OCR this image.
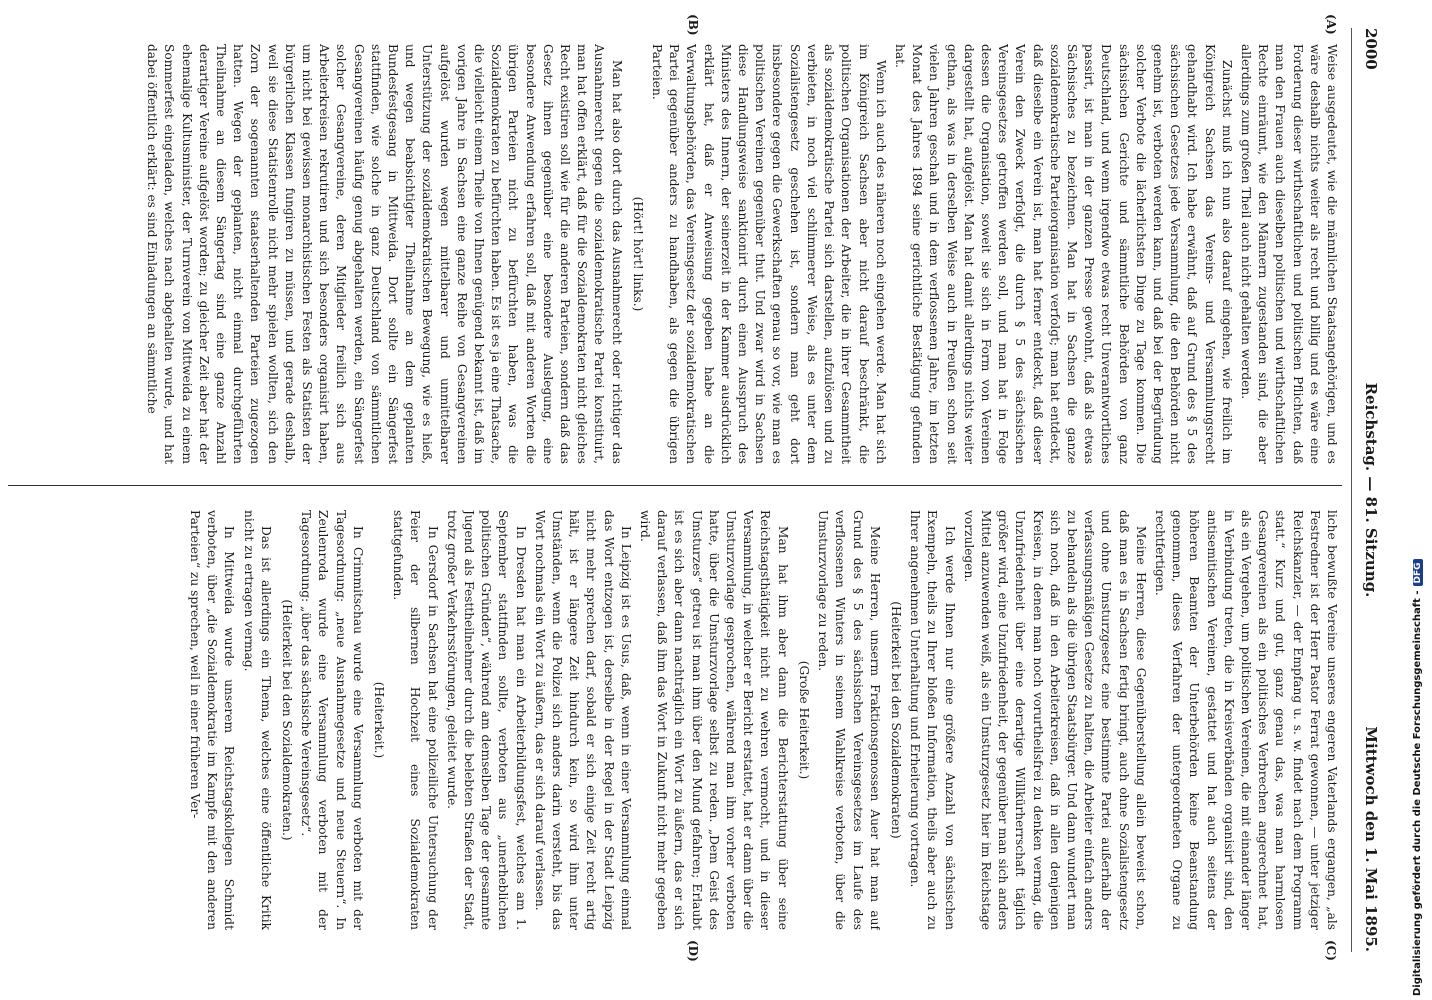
2000
Reichstag. — 81. Sitzung.
Mittwoch den 1. Mai 1895.
(A)
(B)
(C)
(D)

Weise ausgedeutet, wie die männlichen Staatsangehörigen, und es wäre deshalb nichts weiter als recht und billig und es wäre eine Forderung dieser wirthschaftlichen und politischen Pflichten, daß man den Frauen auch dieselben politischen und wirthschaftlichen Rechte einräumt, wie den Männern zugestanden sind, die aber allerdings zum großen Theil auch nicht gehalten werden.

Zunächst muß ich nun also darauf eingehen, wie freilich im Königreich Sachsen das Vereins- und Versammlungsrecht gehandhabt wird. Ich habe erwähnt, daß auf Grund des § 5 des sächsischen Gesetzes jede Versammlung, die den Behörden nicht genehm ist, verboten werden kann, und daß bei der Begründung solcher Verbote die lächerlichsten Dinge zu Tage kommen. Die sächsischen Gerichte und sämmtliche Behörden von ganz Deutschland, und wenn irgendwo etwas recht Unverantwortliches passirt, ist man in der ganzen Presse gewohnt, daß als etwas Sächsisches zu bezeichnen. Man hat in Sachsen die ganze sozialdemokratische Parteiorganisation verfolgt; man hat entdeckt, daß dieselbe ein Verein ist, man hat ferner entdeckt, daß dieser Verein den Zweck verfolgt, die durch § 5 des sächsischen Vereinsgesetzes getroffen werden soll, und man hat in Folge dessen die Organisation, soweit sie sich in Form von Vereinen dargestellt hat, aufgelöst. Man hat damit allerdings nichts weiter gethan, als was in derselben Weise auch in Preußen schon seit vielen Jahren geschah und in dem verflossenen Jahre, im letzten Monat des Jahres 1894 seine gerichtliche Bestätigung gefunden hat.

Wenn ich auch des näheren noch eingehen werde. Man hat sich im Königreich Sachsen aber nicht darauf beschränkt, die politischen Organisationen der Arbeiter, die in ihrer Gesammtheit als sozialdemokratische Partei sich darstellen, aufzulösen und zu verbieten, in noch viel schlimmerer Weise, als es unter dem Sozialistengesetz geschehen ist, sondern man geht dort insbesondere gegen die Gewerkschaften genau so vor, wie man es politischen Vereinen gegenüber thut. Und zwar wird in Sachsen diese Handlungsweise sanktionirt durch einen Ausspruch des Ministers des Innern, der seinerzeit in der Kammer ausdrücklich erklärt hat, daß er Anweisung gegeben habe an die Verwaltungsbehörden, das Vereinsgesetz der sozialdemokratischen Partei gegenüber anders zu handhaben, als gegen die übrigen Parteien.

(Hört! hört! links.)

Man hat also dort durch das Ausnahmerecht oder richtiger das Ausnahmerecht gegen die sozialdemokratische Partei konstituirt, man hat offen erklärt, daß für die Sozialdemokraten nicht gleiches Recht existiren soll wie für die anderen Parteien, sondern daß das Gesetz ihnen gegenüber eine besondere Auslegung, eine besondere Anwendung erfahren soll, daß mit anderen Worten die übrigen Parteien nicht zu befürchten haben, was die Sozialdemokraten zu befürchten haben. Es ist es ja eine Thatsache, die vielleicht einem Theile von Ihnen genügend bekannt ist, daß im vorigen Jahre in Sachsen eine ganze Reihe von Gesangvereinen aufgelöst wurden wegen mittelbarer und unmittelbarer Unterstützung der sozialdemokratischen Bewegung, wie es hieß, und wegen beabsichtigter Theilnahme an dem geplanten Bundesfestgesang in Mittweida. Dort sollte ein Sängerfest stattfinden, wie solche in ganz Deutschland von sämmtlichen Gesangvereinen häufig genug abgehalten werden, ein Sängerfest solcher Gesangvereine, deren Mitglieder freilich sich aus Arbeiterkreisen rekrutiren und sich besonders organisirt haben, um nicht bei gewissen monarchistischen Festen als Statisten der bürgerlichen Klassen fungiren zu müssen, und gerade deshalb, weil sie diese Statistenrolle nicht mehr spielen wollten, sich den Zorn der sogenannten staatserhaltenden Parteien zugezogen hatten. Wegen der geplanten, nicht einmal durchgeführten Theilnahme an diesem Sängertag sind eine ganze Anzahl derartiger Vereine aufgelöst worden; zu gleicher Zeit aber hat der ehemalige Kultusminister, der Turnverein von Mittweida zu einem Sommerfest eingeladen, welches nach abgehalten wurde, und hat dabei öffentlich erklärt: es sind Einladungen an sämmtliche

liche bewußte Vereine unseres engeren Vaterlands ergangen, „als Festredner ist der Herr Pastor Ferrat gewonnen, — unter jetziger Reichskanzler, — der Empfang u. s. w. findet nach dem Programm statt.“ Kurz und gut, ganz genau das, was man harmlosen Gesangvereinen als ein politisches Verbrechen angerechnet hat, als ein Vergehen, um politischen Vereinen, die mit einander länger in Verbindung treten, die in Kreisverbänden organisirt sind, den antisemitischen Vereinen, gestattet und hat auch seitens der höheren Beamten der Unterbehörden keine Beanstandung genommen, dieses Verfahren der untergeordneten Organe zu rechtfertigen.

Meine Herren, diese Gegenüberstellung allein beweist schon, daß man es in Sachsen fertig bringt, auch ohne Sozialistengesetz und ohne Umsturzgesetz eine bestimmte Partei außerhalb der verfassungsmäßigen Gesetze zu halten, die Arbeiter einfach anders zu behandeln als die übrigen Staatsbürger. Und dann wundert man sich noch, daß in den Arbeiterkreisen, daß in allen denjenigen Kreisen, in denen man noch vorurtheilsfrei zu denken vermag, die Unzufriedenheit über eine derartige Willkürherrschaft täglich größer wird, eine Unzufriedenheit, der gegenüber man sich anders Mittel anzuwenden weiß, als ein Umsturzgesetz hier im Reichstage vorzulegen.

Ich werde Ihnen nur eine größere Anzahl von sächsischen Exempeln, theils zu Ihrer bloßen Information, theils aber auch zu Ihrer angenehmen Unterhaltung und Erheiterung vortragen.

(Heiterkeit bei den Sozialdemokraten)

Meine Herren, unserm Fraktionsgenossen Auer hat man auf Grund des § 5 des sächsischen Vereinsgesetzes im Laufe des verflossenen Winters in seinem Wahlkreise verboten, über die Umsturzvorlage zu reden.

(Große Heiterkeit.)

Man hat ihm aber dann die Berichterstattung über seine Reichstagsthätigkeit nicht zu wehren vermocht, und in dieser Versammlung, in welcher er Bericht erstattet, hat er dann über die Umsturzvorlage gesprochen, während man ihm vorher verboten hatte, über die Umsturzvorlage selbst zu reden. „Dem Geist des Umsturzes“ getreu ist man ihm über den Mund gefahren; Erlaubt ist es sich aber dann nachträglich ein Wort zu äußern, das er sich darauf verlassen, daß ihm das Wort in Zukunft nicht mehr gegeben wird.

In Leipzig ist es Usus, daß, wenn in einer Versammlung einmal das Wort entzogen ist, derselbe in der Regel in der Stadt Leipzig nicht mehr sprechen darf, sobald er sich einige Zeit recht artig hält, ist er längere Zeit hindurch kein, so wird ihm unter Umständen, wenn die Polizei sich anders darin versteht, bis das Wort nochmals ein Wort zu äußern, das er sich darauf verlassen.

In Dresden hat man ein Arbeiterbildungsfest, welches am 1. September stattfinden sollte, verboten aus „unerheblichen politischen Gründen“, während am demselben Tage der gesammte Jugend als Festtheilnehmer durch die belebten Straßen der Stadt, trotz großer Verkehrsstörungen, geleitet wurde.

In Gersdorf in Sachsen hat eine polizeiliche Untersuchung der Feier der silbernen Hochzeit eines Sozialdemokraten stattgefunden.

(Heiterkeit.)

In Crimmitschau wurde eine Versammlung verboten mit der Tagesordnung: „neue Ausnahmegesetze und neue Steuern“. In Zeulenroda wurde eine Versammlung verboten mit der Tagesordnung: „über das sächsische Vereinsgesetz“.

(Heiterkeit bei den Sozialdemokraten.)

Das ist allerdings ein Thema, welches eine öffentliche Kritik nicht zu ertragen vermag.

In Mittweida wurde unserem Reichstagskollegen Schmidt verboten, über „die Sozialdemokratie im Kampfe mit den anderen Parteien“ zu sprechen, weil in einer früheren Ver-	Digitalisierung gefördert durch die Deutsche Forschungsgemeinschaft -DFG
